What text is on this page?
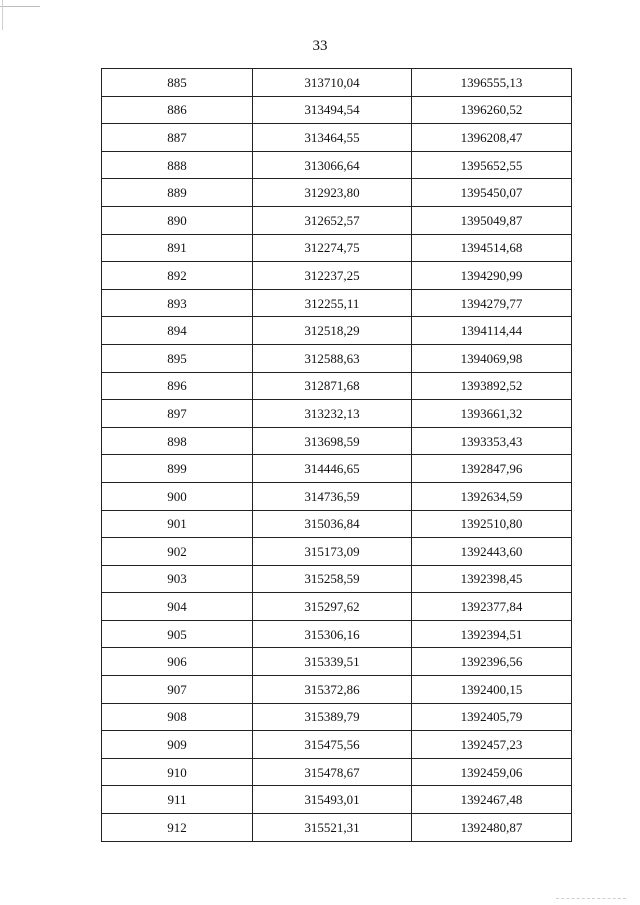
33
885	313710,04	1396555,13
886	313494,54	1396260,52
887	313464,55	1396208,47
888	313066,64	1395652,55
889	312923,80	1395450,07
890	312652,57	1395049,87
891	312274,75	1394514,68
892	312237,25	1394290,99
893	312255,11	1394279,77
894	312518,29	1394114,44
895	312588,63	1394069,98
896	312871,68	1393892,52
897	313232,13	1393661,32
898	313698,59	1393353,43
899	314446,65	1392847,96
900	314736,59	1392634,59
901	315036,84	1392510,80
902	315173,09	1392443,60
903	315258,59	1392398,45
904	315297,62	1392377,84
905	315306,16	1392394,51
906	315339,51	1392396,56
907	315372,86	1392400,15
908	315389,79	1392405,79
909	315475,56	1392457,23
910	315478,67	1392459,06
911	315493,01	1392467,48
912	315521,31	1392480,87
